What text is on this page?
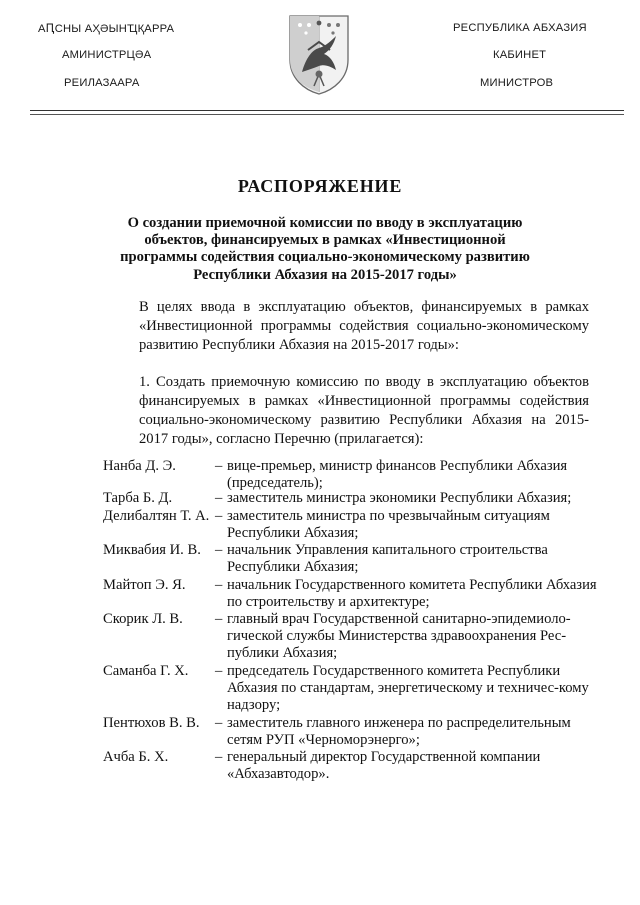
АԤСНЫ АҲӘЫНҴҚАРРА
АМИНИСТРЦӘА
РЕИЛАЗААРА
РЕСПУБЛИКА АБХАЗИЯ
КАБИНЕТ
МИНИСТРОВ
РАСПОРЯЖЕНИЕ
О создании приемочной комиссии по вводу в эксплуатацию объектов, финансируемых в рамках «Инвестиционной программы содействия социально-экономическому развитию Республики Абхазия на 2015-2017 годы»
В целях ввода в эксплуатацию объектов, финансируемых в рамках «Инвестиционной программы содействия социально-экономическому развитию Республики Абхазия на 2015-2017 годы»:
1. Создать приемочную комиссию по вводу в эксплуатацию объектов финансируемых в рамках «Инвестиционной программы содействия социально-экономическому развитию Республики Абхазия на 2015-2017 годы», согласно Перечню (прилагается):
Нанба Д. Э.	– вице-премьер, министр финансов Республики Абхазия (председатель);
Тарба Б. Д.	– заместитель министра экономики Республики Абхазия;
Делибалтян Т. А. – заместитель министра по чрезвычайным ситуациям Республики Абхазия;
Миквабия И. В. – начальник Управления капитального строительства Республики Абхазия;
Майтоп Э. Я. – начальник Государственного комитета Республики Абхазия по строительству и архитектуре;
Скорик Л. В. – главный врач Государственной санитарно-эпидемиоло-гической службы Министерства здравоохранения Рес-публики Абхазия;
Саманба Г. Х. – председатель Государственного комитета Республики Абхазия по стандартам, энергетическому и техничес-кому надзору;
Пентюхов В. В. – заместитель главного инженера по распределительным сетям РУП «Черноморэнерго»;
Ачба Б. Х.	– генеральный директор Государственной компании «Абхазавтодор».
